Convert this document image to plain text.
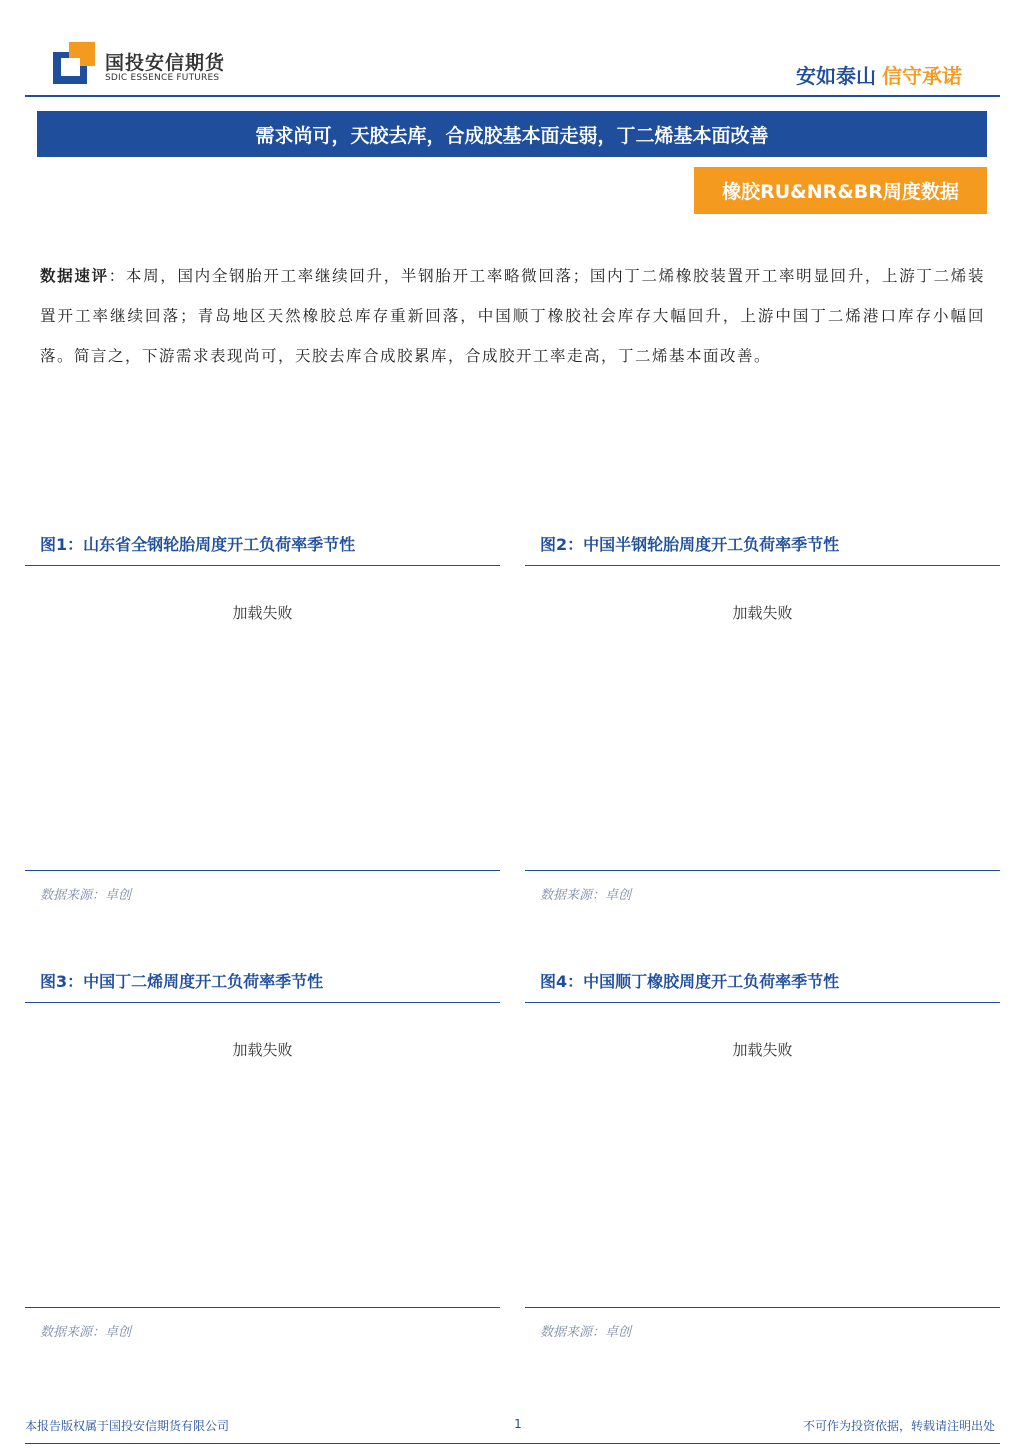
国投安信期货
SDIC ESSENCE FUTURES	安如泰山 信守承诺
需求尚可，天胶去库，合成胶基本面走弱，丁二烯基本面改善
橡胶RU&NR&BR周度数据
数据速评：本周，国内全钢胎开工率继续回升，半钢胎开工率略微回落；国内丁二烯橡胶装置开工率明显回升，上游丁二烯装置开工率继续回落；青岛地区天然橡胶总库存重新回落，中国顺丁橡胶社会库存大幅回升，上游中国丁二烯港口库存小幅回落。简言之，下游需求表现尚可，天胶去库合成胶累库，合成胶开工率走高，丁二烯基本面改善。
图1：山东省全钢轮胎周度开工负荷率季节性
加载失败
数据来源：卓创
图2：中国半钢轮胎周度开工负荷率季节性
加载失败
数据来源：卓创
图3：中国丁二烯周度开工负荷率季节性
加载失败
数据来源：卓创
图4：中国顺丁橡胶周度开工负荷率季节性
加载失败
数据来源：卓创
本报告版权属于国投安信期货有限公司	1	不可作为投资依据，转载请注明出处
